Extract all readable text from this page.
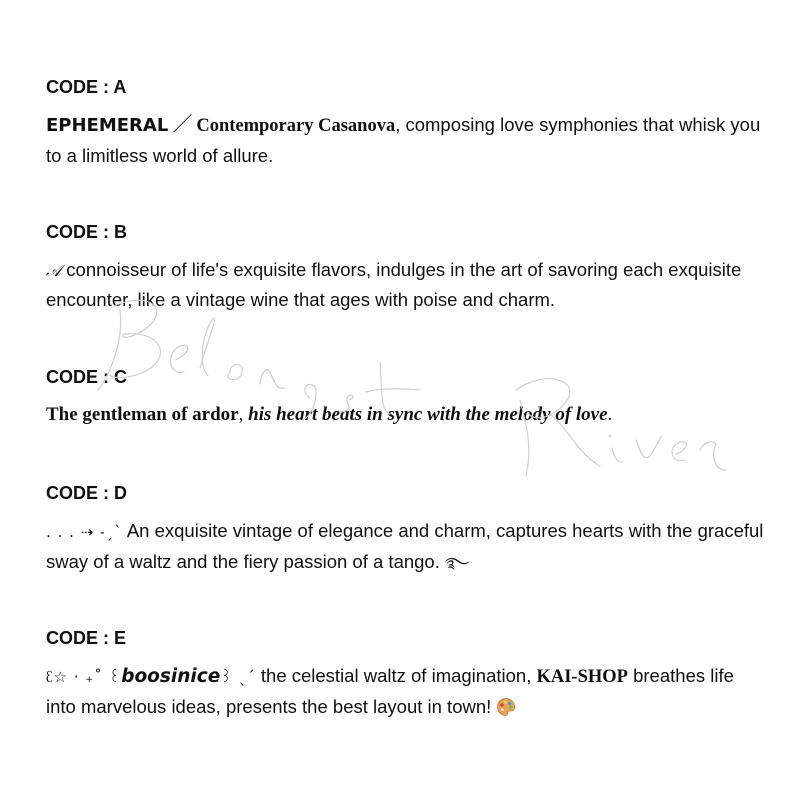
CODE : A

EPHEMERAL ／ Contemporary Casanova, composing love symphonies that whisk you to a limitless world of allure.

CODE : B

𝒜 connoisseur of life's exquisite flavors, indulges in the art of savoring each exquisite encounter, like a vintage wine that ages with poise and charm.

CODE : C

The gentleman of ardor, his heart beats in sync with the melody of love.

CODE : D

. . . ⇢ ˗ˏˋ An exquisite vintage of elegance and charm, captures hearts with the graceful sway of a waltz and the fiery passion of a tango. ࿐

CODE : E

ᦷ☆ · ₊˚ ꒰boosinice꒱ ˎˊ the celestial waltz of imagination, KAI-SHOP breathes life into marvelous ideas, presents the best layout in town!
